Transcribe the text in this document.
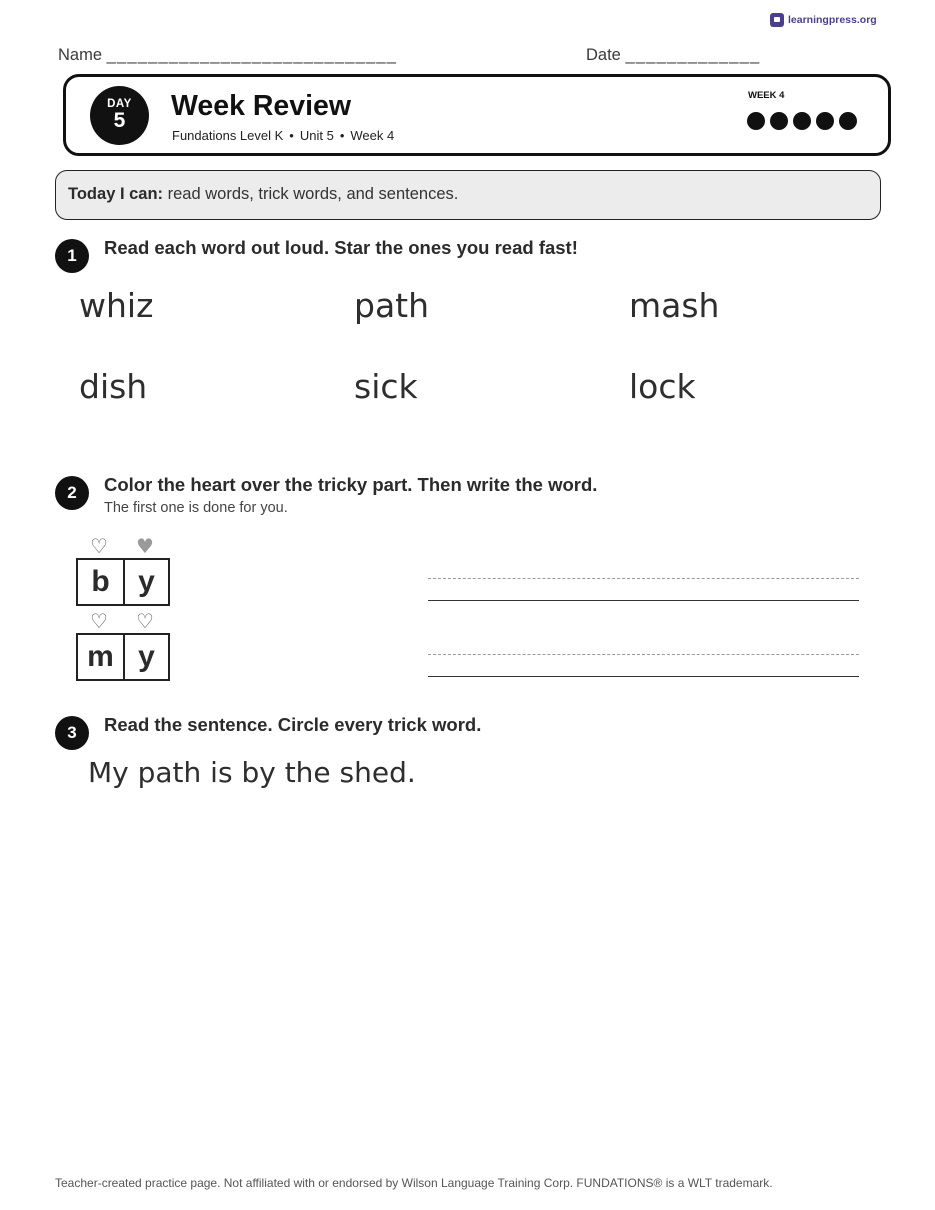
learningpress.org
Name ____________________________	Date _____________
DAY
5	Week Review
Fundations Level K • Unit 5 • Week 4
WEEK 4
Today I can: read words, trick words, and sentences.
1	Read each word out loud. Star the ones you read fast!
whiz	path	mash
dish	sick	lock
2	Color the heart over the tricky part. Then write the word.
The first one is done for you.
♡ ♥
b y
♡ ♡
m y
3	Read the sentence. Circle every trick word.
My path is by the shed.
Teacher-created practice page. Not affiliated with or endorsed by Wilson Language Training Corp. FUNDATIONS® is a WLT trademark.
